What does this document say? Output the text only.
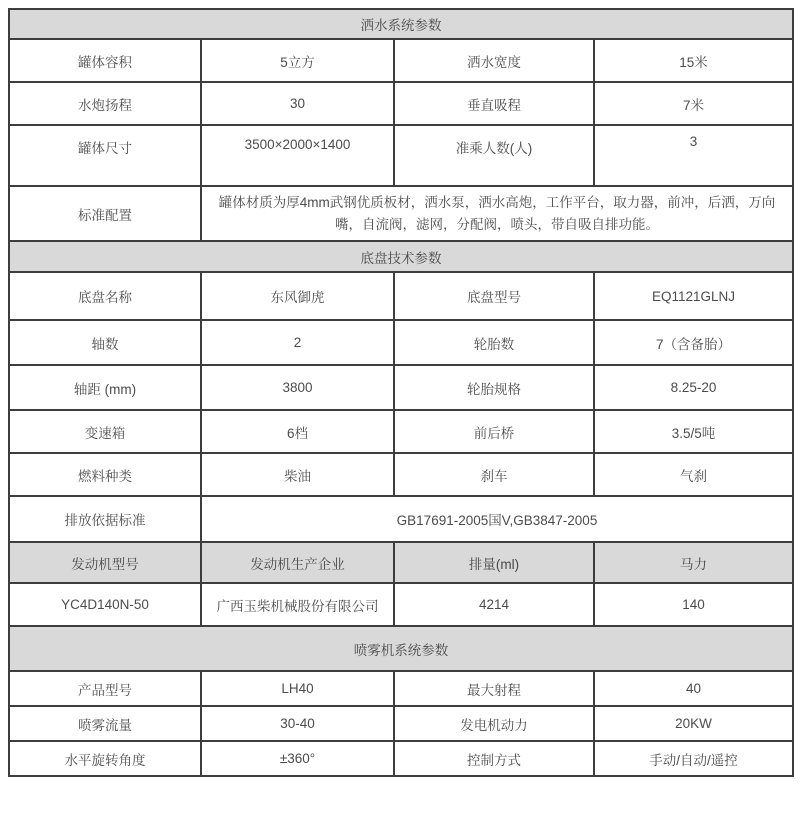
洒水系统参数			
罐体容积	5立方	洒水宽度	15米
水炮扬程	30	垂直吸程	7米
罐体尺寸	3500×2000×1400	准乘人数(人)	3
标准配置	罐体材质为厚4mm武钢优质板材，洒水泵，洒水高炮，工作平台，取力器，前冲，后洒，万向嘴，自流阀，滤网，分配阀，喷头，带自吸自排功能。		
底盘技术参数			
底盘名称	东风御虎	底盘型号	EQ1121GLNJ
轴数	2	轮胎数	7（含备胎）
轴距 (mm)	3800	轮胎规格	8.25-20
变速箱	6档	前后桥	3.5/5吨
燃料种类	柴油	刹车	气刹
排放依据标准	GB17691-2005国V,GB3847-2005		
发动机型号	发动机生产企业	排量(ml)	马力
YC4D140N-50	广西玉柴机械股份有限公司	4214	140
喷雾机系统参数			
产品型号	LH40	最大射程	40
喷雾流量	30-40	发电机动力	20KW
水平旋转角度	±360°	控制方式	手动/自动/遥控
